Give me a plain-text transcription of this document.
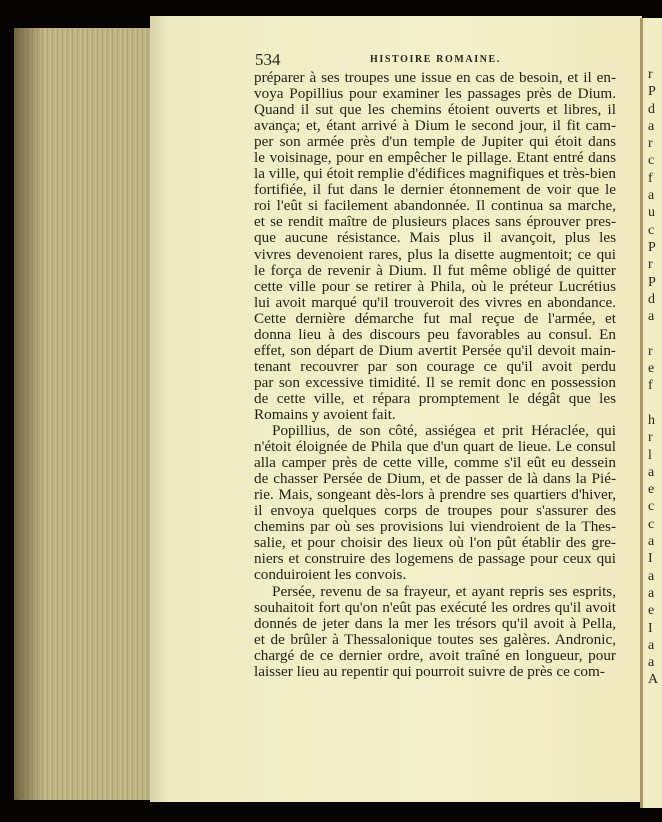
r
P
d
a
r
c
f
a
u
c
P
r
P
d
a

r
e
f

h
r
l
a
e
c
c
a
I
a
a
e
I
a
a
A
534	HISTOIRE ROMAINE.
préparer à ses troupes une issue en cas de besoin, et il en-
voya Popillius pour examiner les passages près de Dium.
Quand il sut que les chemins étoient ouverts et libres, il
avança; et, étant arrivé à Dium le second jour, il fit cam-
per son armée près d'un temple de Jupiter qui étoit dans
le voisinage, pour en empêcher le pillage. Etant entré dans
la ville, qui étoit remplie d'édifices magnifiques et très-bien
fortifiée, il fut dans le dernier étonnement de voir que le
roi l'eût si facilement abandonnée. Il continua sa marche,
et se rendit maître de plusieurs places sans éprouver pres-
que aucune résistance. Mais plus il avançoit, plus les
vivres devenoient rares, plus la disette augmentoit; ce qui
le força de revenir à Dium. Il fut même obligé de quitter
cette ville pour se retirer à Phila, où le préteur Lucrétius
lui avoit marqué qu'il trouveroit des vivres en abondance.
Cette dernière démarche fut mal reçue de l'armée, et
donna lieu à des discours peu favorables au consul. En
effet, son départ de Dium avertit Persée qu'il devoit main-
tenant recouvrer par son courage ce qu'il avoit perdu
par son excessive timidité. Il se remit donc en possession
de cette ville, et répara promptement le dégât que les
Romains y avoient fait.
Popillius, de son côté, assiégea et prit Héraclée, qui
n'étoit éloignée de Phila que d'un quart de lieue. Le consul
alla camper près de cette ville, comme s'il eût eu dessein
de chasser Persée de Dium, et de passer de là dans la Pié-
rie. Mais, songeant dès-lors à prendre ses quartiers d'hiver,
il envoya quelques corps de troupes pour s'assurer des
chemins par où ses provisions lui viendroient de la Thes-
salie, et pour choisir des lieux où l'on pût établir des gre-
niers et construire des logemens de passage pour ceux qui
conduiroient les convois.
Persée, revenu de sa frayeur, et ayant repris ses esprits,
souhaitoit fort qu'on n'eût pas exécuté les ordres qu'il avoit
donnés de jeter dans la mer les trésors qu'il avoit à Pella,
et de brûler à Thessalonique toutes ses galères. Andronic,
chargé de ce dernier ordre, avoit traîné en longueur, pour
laisser lieu au repentir qui pourroit suivre de près ce com-
